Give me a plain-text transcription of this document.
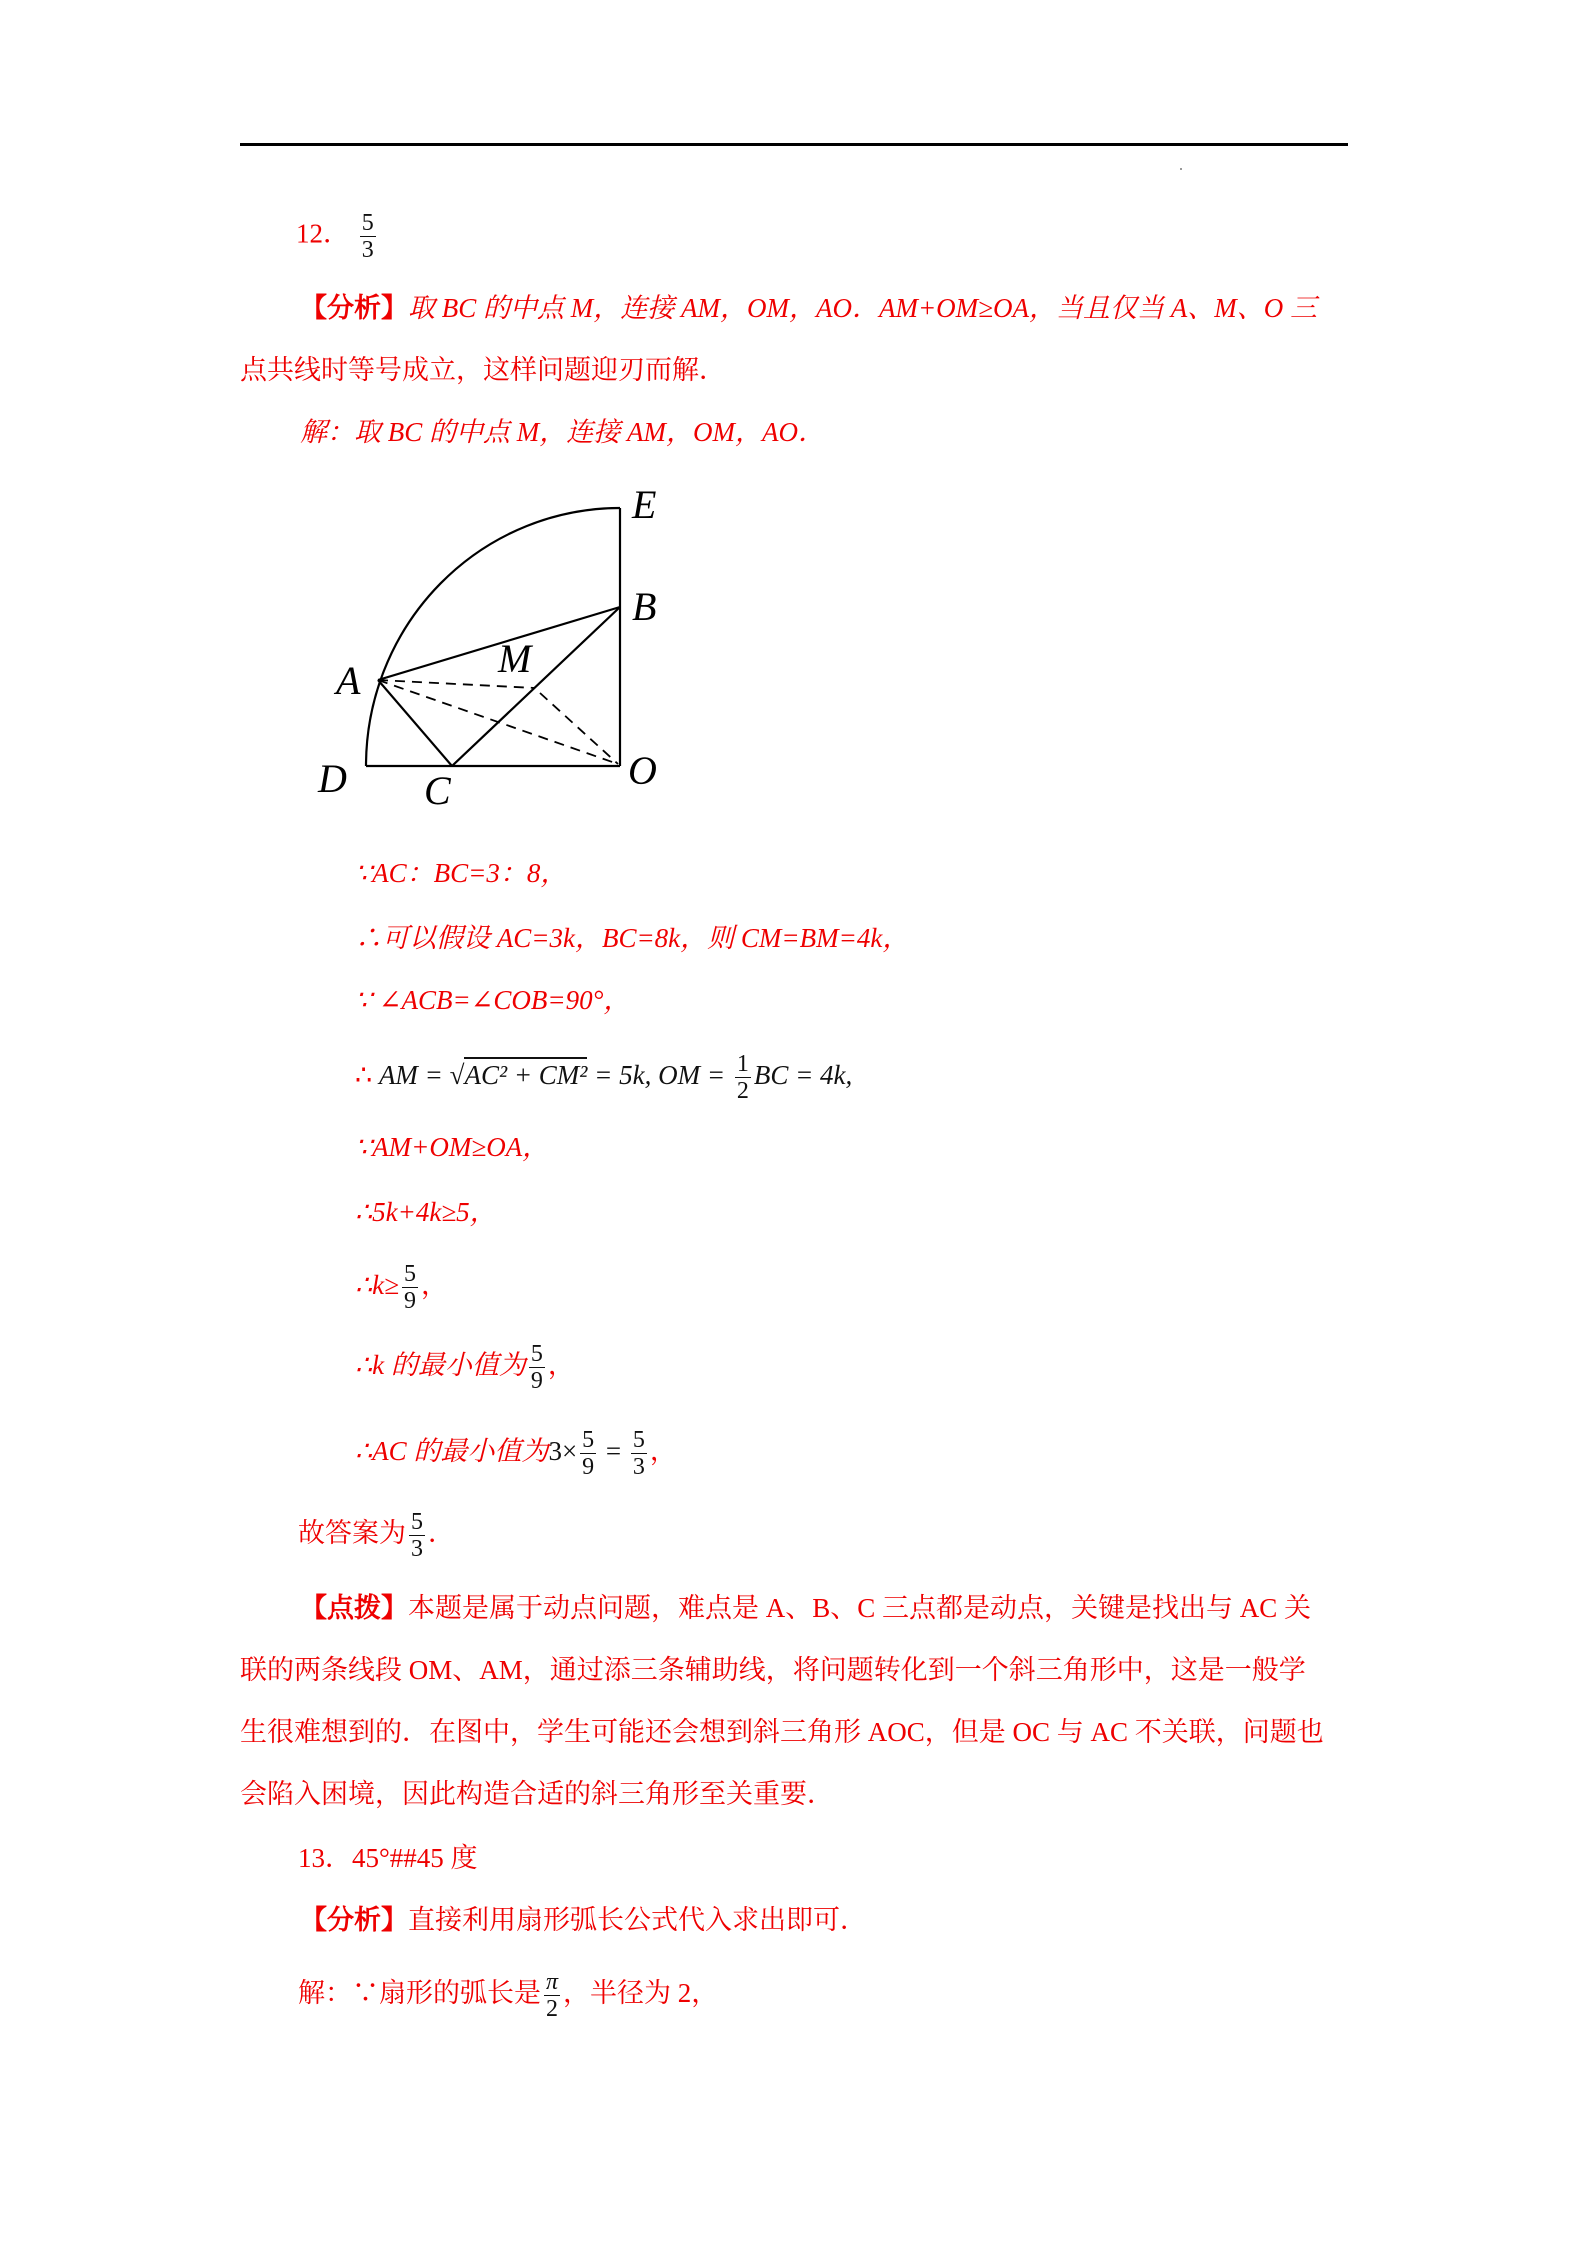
12． $\frac{5}{3}$
【分析】取 BC 的中点 M，连接 AM，OM，AO．AM+OM≥OA，当且仅当 A、M、O 三
点共线时等号成立，这样问题迎刃而解．
解：取 BC 的中点 M，连接 AM，OM，AO．
E
B
M
A
D C	O
∵AC：BC=3：8，
∴可以假设 AC=3k，BC=8k，则 CM=BM=4k，
∵ ∠ACB=∠COB=90°，
∴ AM = √AC² + CM² = 5k, OM = $\frac{1}{2}$ BC = 4k,
∵AM+OM≥OA，
∴5k+4k≥5，
∴k≥ $\frac{5}{9}$ ，
∴k 的最小值为 $\frac{5}{9}$ ，
∴AC 的最小值为$3\times \frac{5}{9} = \frac{5}{3}$ ，
故答案为 $\frac{5}{3}$ ．
【点拨】本题是属于动点问题，难点是 A、B、C 三点都是动点，关键是找出与 AC 关
联的两条线段 OM、AM，通过添三条辅助线，将问题转化到一个斜三角形中，这是一般学
生很难想到的．在图中，学生可能还会想到斜三角形 AOC，但是 OC 与 AC 不关联，问题也
会陷入困境，因此构造合适的斜三角形至关重要．
13．45°##45 度
【分析】直接利用扇形弧长公式代入求出即可．
解：∵扇形的弧长是 $\frac{\pi}{2}$ ，半径为 2，
